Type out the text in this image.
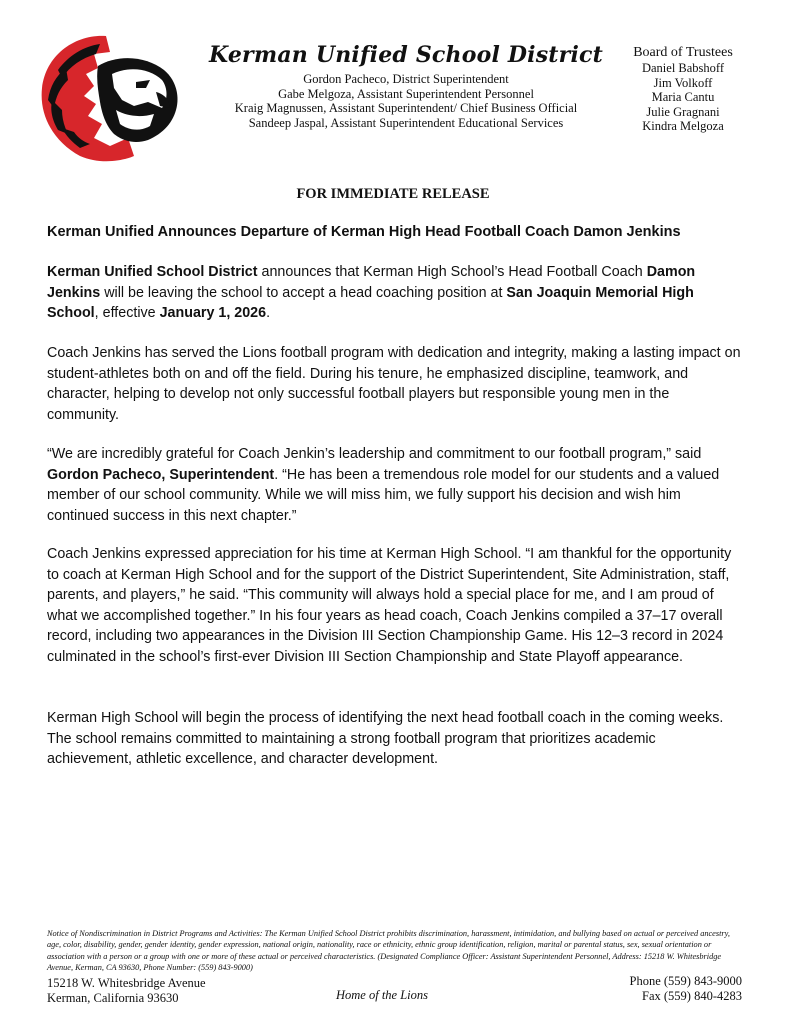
Kerman Unified School District
Gordon Pacheco, District Superintendent
Gabe Melgoza, Assistant Superintendent Personnel
Kraig Magnussen, Assistant Superintendent/ Chief Business Official
Sandeep Jaspal, Assistant Superintendent Educational Services
Board of Trustees
Daniel Babshoff
Jim Volkoff
Maria Cantu
Julie Gragnani
Kindra Melgoza
FOR IMMEDIATE RELEASE
Kerman Unified Announces Departure of Kerman High Head Football Coach Damon Jenkins

Kerman Unified School District announces that Kerman High School’s Head Football Coach Damon Jenkins will be leaving the school to accept a head coaching position at San Joaquin Memorial High School, effective January 1, 2026.

Coach Jenkins has served the Lions football program with dedication and integrity, making a lasting impact on student-athletes both on and off the field. During his tenure, he emphasized discipline, teamwork, and character, helping to develop not only successful football players but responsible young men in the community.

“We are incredibly grateful for Coach Jenkin’s leadership and commitment to our football program,” said Gordon Pacheco, Superintendent. “He has been a tremendous role model for our students and a valued member of our school community. While we will miss him, we fully support his decision and wish him continued success in this next chapter.”

Coach Jenkins expressed appreciation for his time at Kerman High School. “I am thankful for the opportunity to coach at Kerman High School and for the support of the District Superintendent, Site Administration, staff, parents, and players,” he said. “This community will always hold a special place for me, and I am proud of what we accomplished together.” In his four years as head coach, Coach Jenkins compiled a 37–17 overall record, including two appearances in the Division III Section Championship Game. His 12–3 record in 2024 culminated in the school’s first-ever Division III Section Championship and State Playoff appearance.

Kerman High School will begin the process of identifying the next head football coach in the coming weeks. The school remains committed to maintaining a strong football program that prioritizes academic achievement, athletic excellence, and character development.

Notice of Nondiscrimination in District Programs and Activities: The Kerman Unified School District prohibits discrimination, harassment, intimidation, and bullying based on actual or perceived ancestry, age, color, disability, gender, gender identity, gender expression, national origin, nationality, race or ethnicity, ethnic group identification, religion, marital or parental status, sex, sexual orientation or association with a person or a group with one or more of these actual or perceived characteristics. (Designated Compliance Officer: Assistant Superintendent Personnel, Address: 15218 W. Whitesbridge Avenue, Kerman, CA 93630, Phone Number: (559) 843-9000)

15218 W. Whitesbridge Avenue
Kerman, California 93630	Home of the Lions
Phone (559) 843-9000
Fax (559) 840-4283
